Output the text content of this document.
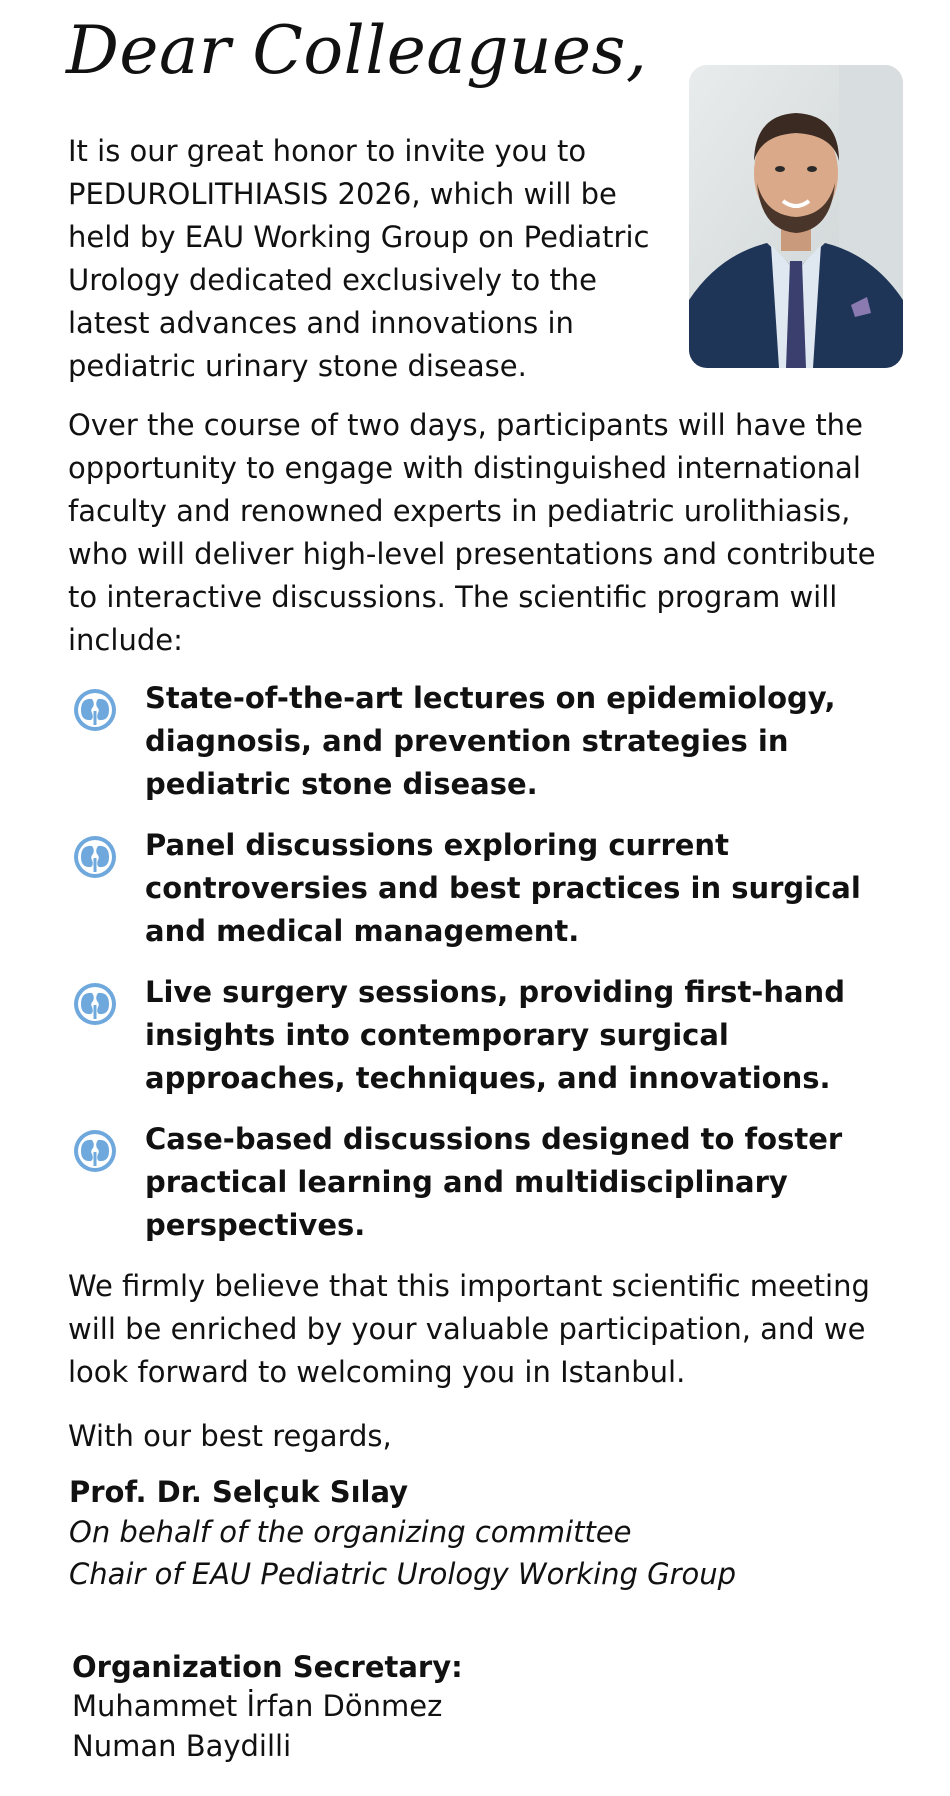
Dear Colleagues,

It is our great honor to invite you to PEDUROLITHIASIS 2026, which will be held by EAU Working Group on Pediatric Urology dedicated exclusively to the latest advances and innovations in pediatric urinary stone disease.

Over the course of two days, participants will have the opportunity to engage with distinguished international faculty and renowned experts in pediatric urolithiasis, who will deliver high-level presentations and contribute to interactive discussions. The scientific program will include:

State-of-the-art lectures on epidemiology, diagnosis, and prevention strategies in pediatric stone disease.
Panel discussions exploring current controversies and best practices in surgical and medical management.
Live surgery sessions, providing first-hand insights into contemporary surgical approaches, techniques, and innovations.
Case-based discussions designed to foster practical learning and multidisciplinary perspectives.

We firmly believe that this important scientific meeting will be enriched by your valuable participation, and we look forward to welcoming you in Istanbul.

With our best regards,

Prof. Dr. Selçuk Sılay
On behalf of the organizing committee
Chair of EAU Pediatric Urology Working Group
Organization Secretary:
Muhammet İrfan Dönmez
Numan Baydilli
